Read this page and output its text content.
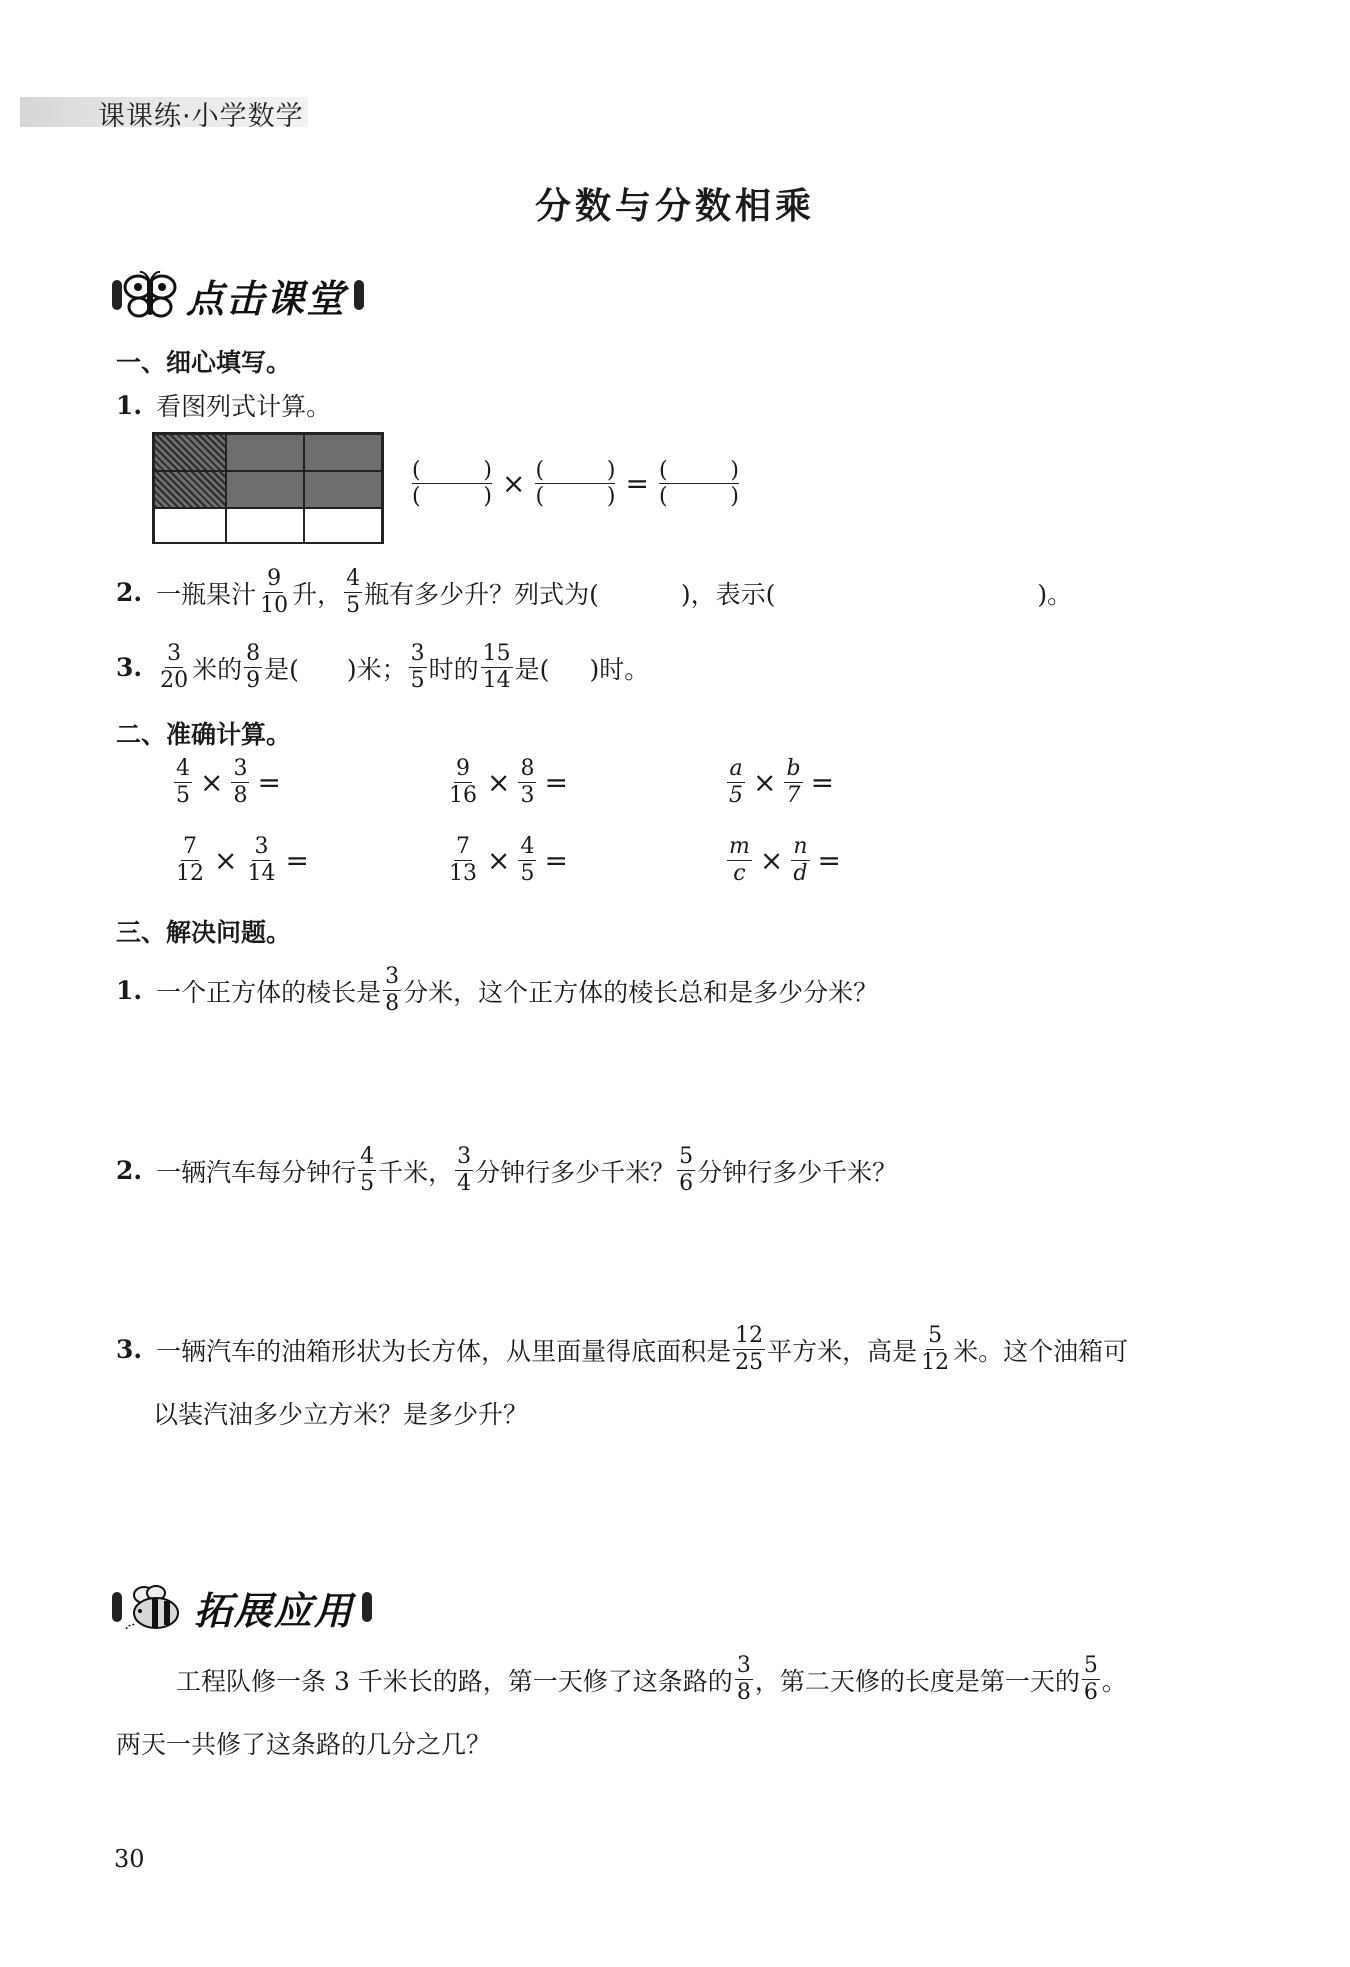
课课练·小学数学
分数与分数相乘
点击课堂
一、细心填写。
1. 看图列式计算。
(	)
(	) × (	)
(	) = (	)
(	)
2. 一瓶果汁 $\frac{9}{10}$ 升， $\frac{4}{5}$ 瓶有多少升？列式为(	)，表示(	)。
3. $\frac{3}{20}$ 米的 $\frac{8}{9}$ 是( )米； $\frac{3}{5}$ 时的 $\frac{15}{14}$ 是( )时。
二、准确计算。
$\frac{4}{5} \times \frac{3}{8}$ =	$\frac{9}{16} \times \frac{8}{3}$ =	$\frac{a}{5} \times \frac{b}{7}$ =
$\frac{7}{12} \times \frac{3}{14}$ =	$\frac{7}{13} \times \frac{4}{5}$ =	$\frac{m}{c} \times \frac{n}{d}$ =
三、解决问题。
1. 一个正方体的棱长是 $\frac{3}{8}$ 分米，这个正方体的棱长总和是多少分米？
2. 一辆汽车每分钟行 $\frac{4}{5}$ 千米， $\frac{3}{4}$ 分钟行多少千米？ $\frac{5}{6}$ 分钟行多少千米？
3. 一辆汽车的油箱形状为长方体，从里面量得底面积是 $\frac{12}{25}$ 平方米，高是 $\frac{5}{12}$ 米。这个油箱可
以装汽油多少立方米？是多少升？
拓展应用
工程队修一条 3 千米长的路，第一天修了这条路的 $\frac{3}{8}$ ，第二天修的长度是第一天的 $\frac{5}{6}$ 。
两天一共修了这条路的几分之几？
30
